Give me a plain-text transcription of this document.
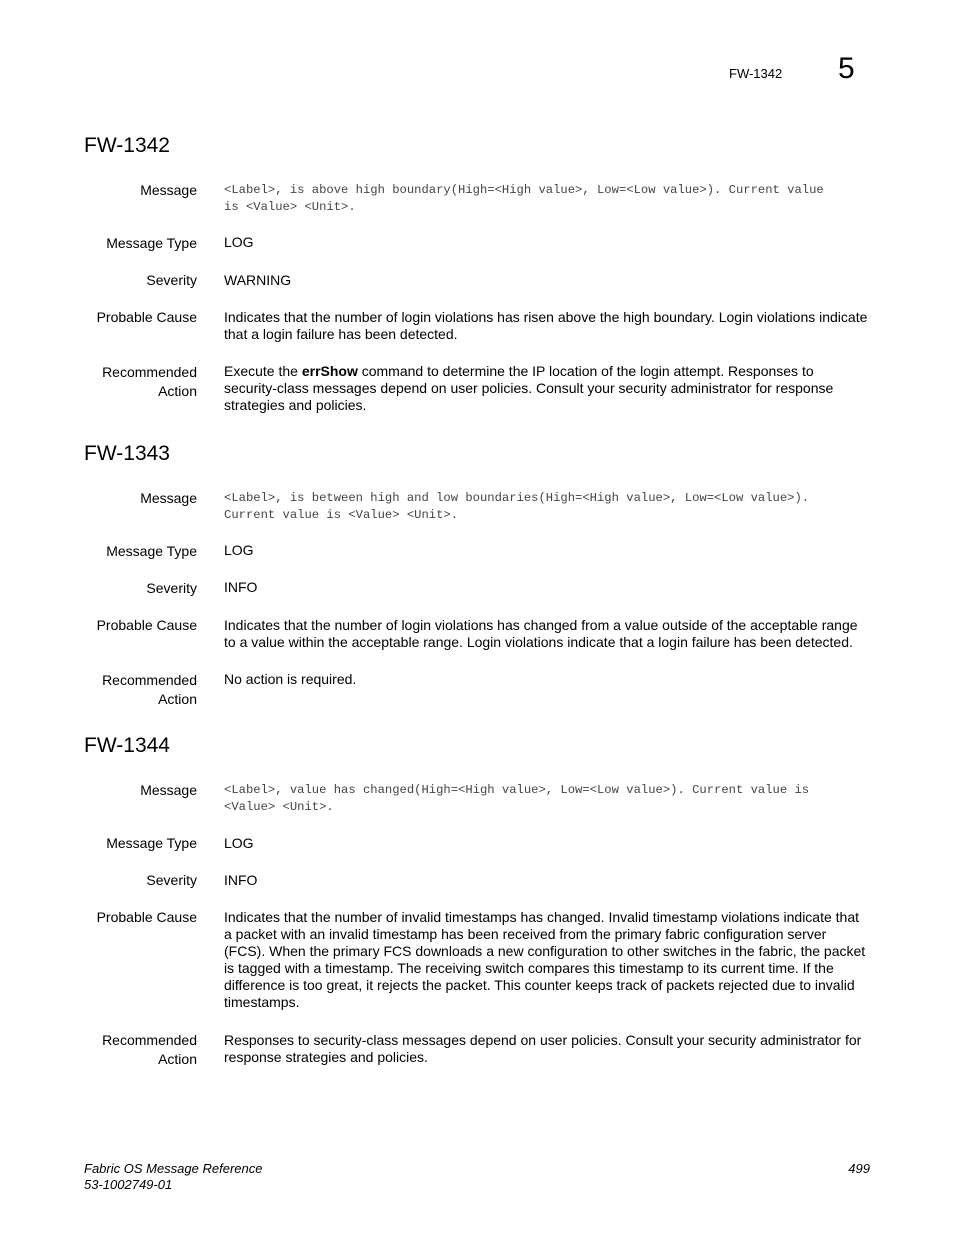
FW-1342 5
FW-1342
Message <Label>, is above high boundary(High=<High value>, Low=<Low value>). Current value
is <Value> <Unit>.
Message Type LOG
Severity WARNING
Probable Cause Indicates that the number of login violations has risen above the high boundary. Login violations indicate that a login failure has been detected.
Recommended
Action
Execute the errShow command to determine the IP location of the login attempt. Responses to security-class messages depend on user policies. Consult your security administrator for response strategies and policies.
FW-1343
Message <Label>, is between high and low boundaries(High=<High value>, Low=<Low value>).
Current value is <Value> <Unit>.
Message Type LOG
Severity INFO
Probable Cause Indicates that the number of login violations has changed from a value outside of the acceptable range to a value within the acceptable range. Login violations indicate that a login failure has been detected.
Recommended
Action
No action is required.
FW-1344
Message <Label>, value has changed(High=<High value>, Low=<Low value>). Current value is
<Value> <Unit>.
Message Type LOG
Severity INFO
Probable Cause Indicates that the number of invalid timestamps has changed. Invalid timestamp violations indicate that a packet with an invalid timestamp has been received from the primary fabric configuration server (FCS). When the primary FCS downloads a new configuration to other switches in the fabric, the packet is tagged with a timestamp. The receiving switch compares this timestamp to its current time. If the difference is too great, it rejects the packet. This counter keeps track of packets rejected due to invalid timestamps.
Recommended
Action
Responses to security-class messages depend on user policies. Consult your security administrator for response strategies and policies.
Fabric OS Message Reference
53-1002749-01
499
